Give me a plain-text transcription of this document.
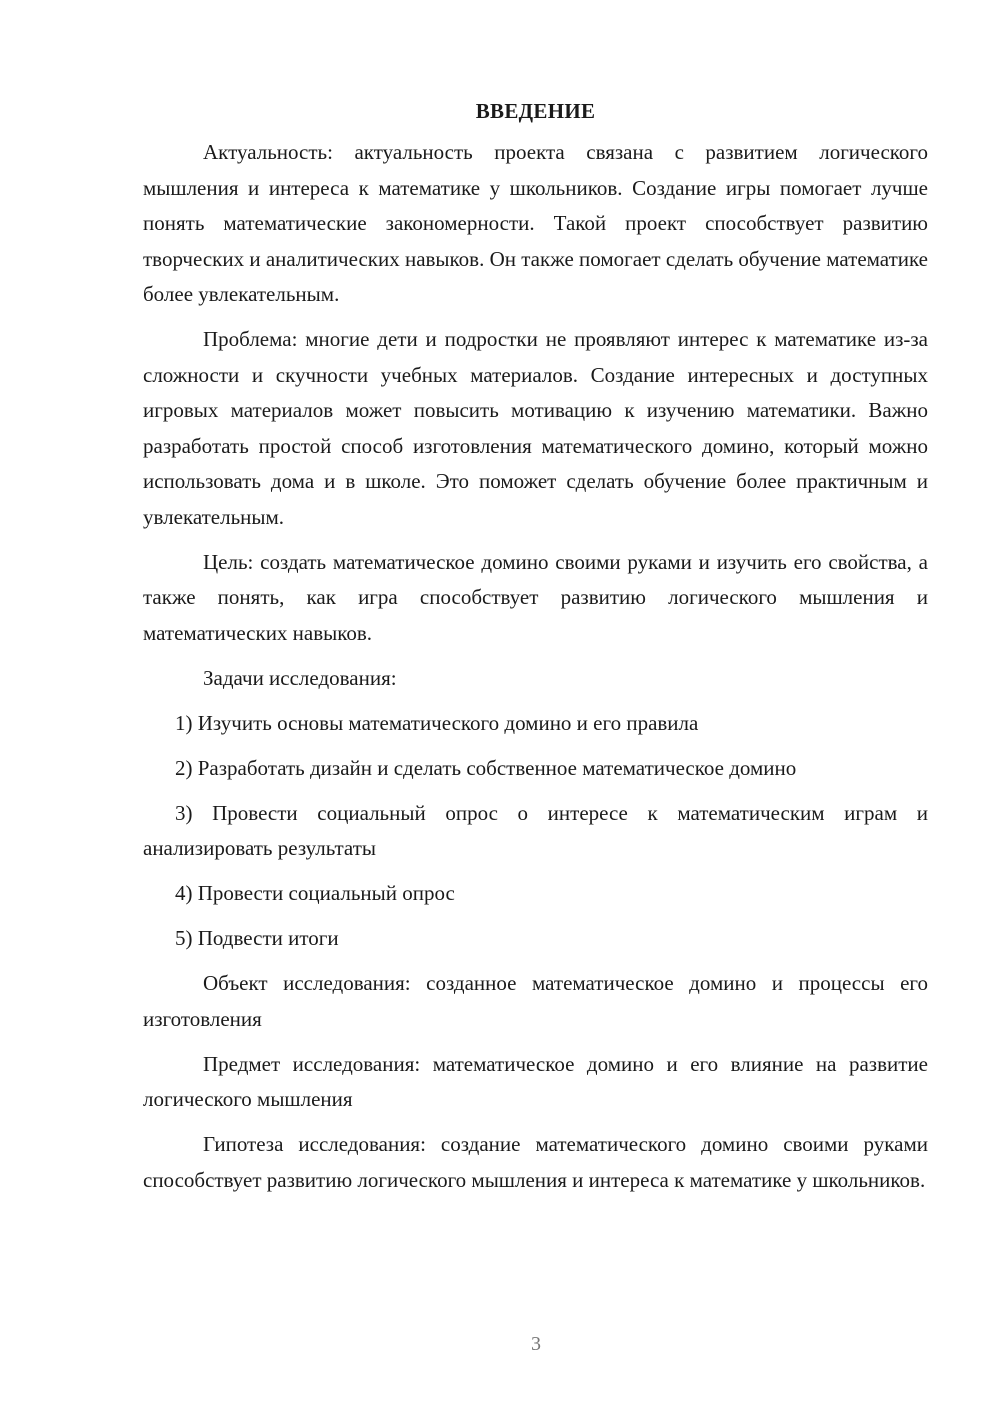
ВВЕДЕНИЕ

Актуальность: актуальность проекта связана с развитием логического мышления и интереса к математике у школьников. Создание игры помогает лучше понять математические закономерности. Такой проект способствует развитию творческих и аналитических навыков. Он также помогает сделать обучение математике более увлекательным.

Проблема: многие дети и подростки не проявляют интерес к математике из-за сложности и скучности учебных материалов. Создание интересных и доступных игровых материалов может повысить мотивацию к изучению математики. Важно разработать простой способ изготовления математического домино, который можно использовать дома и в школе. Это поможет сделать обучение более практичным и увлекательным.

Цель: создать математическое домино своими руками и изучить его свойства, а также понять, как игра способствует развитию логического мышления и математических навыков.

Задачи исследования:

1) Изучить основы математического домино и его правила

2) Разработать дизайн и сделать собственное математическое домино

3) Провести социальный опрос о интересе к математическим играм и анализировать результаты

4) Провести социальный опрос

5) Подвести итоги

Объект исследования: созданное математическое домино и процессы его изготовления

Предмет исследования: математическое домино и его влияние на развитие логического мышления

Гипотеза исследования: создание математического домино своими руками способствует развитию логического мышления и интереса к математике у школьников.

3
